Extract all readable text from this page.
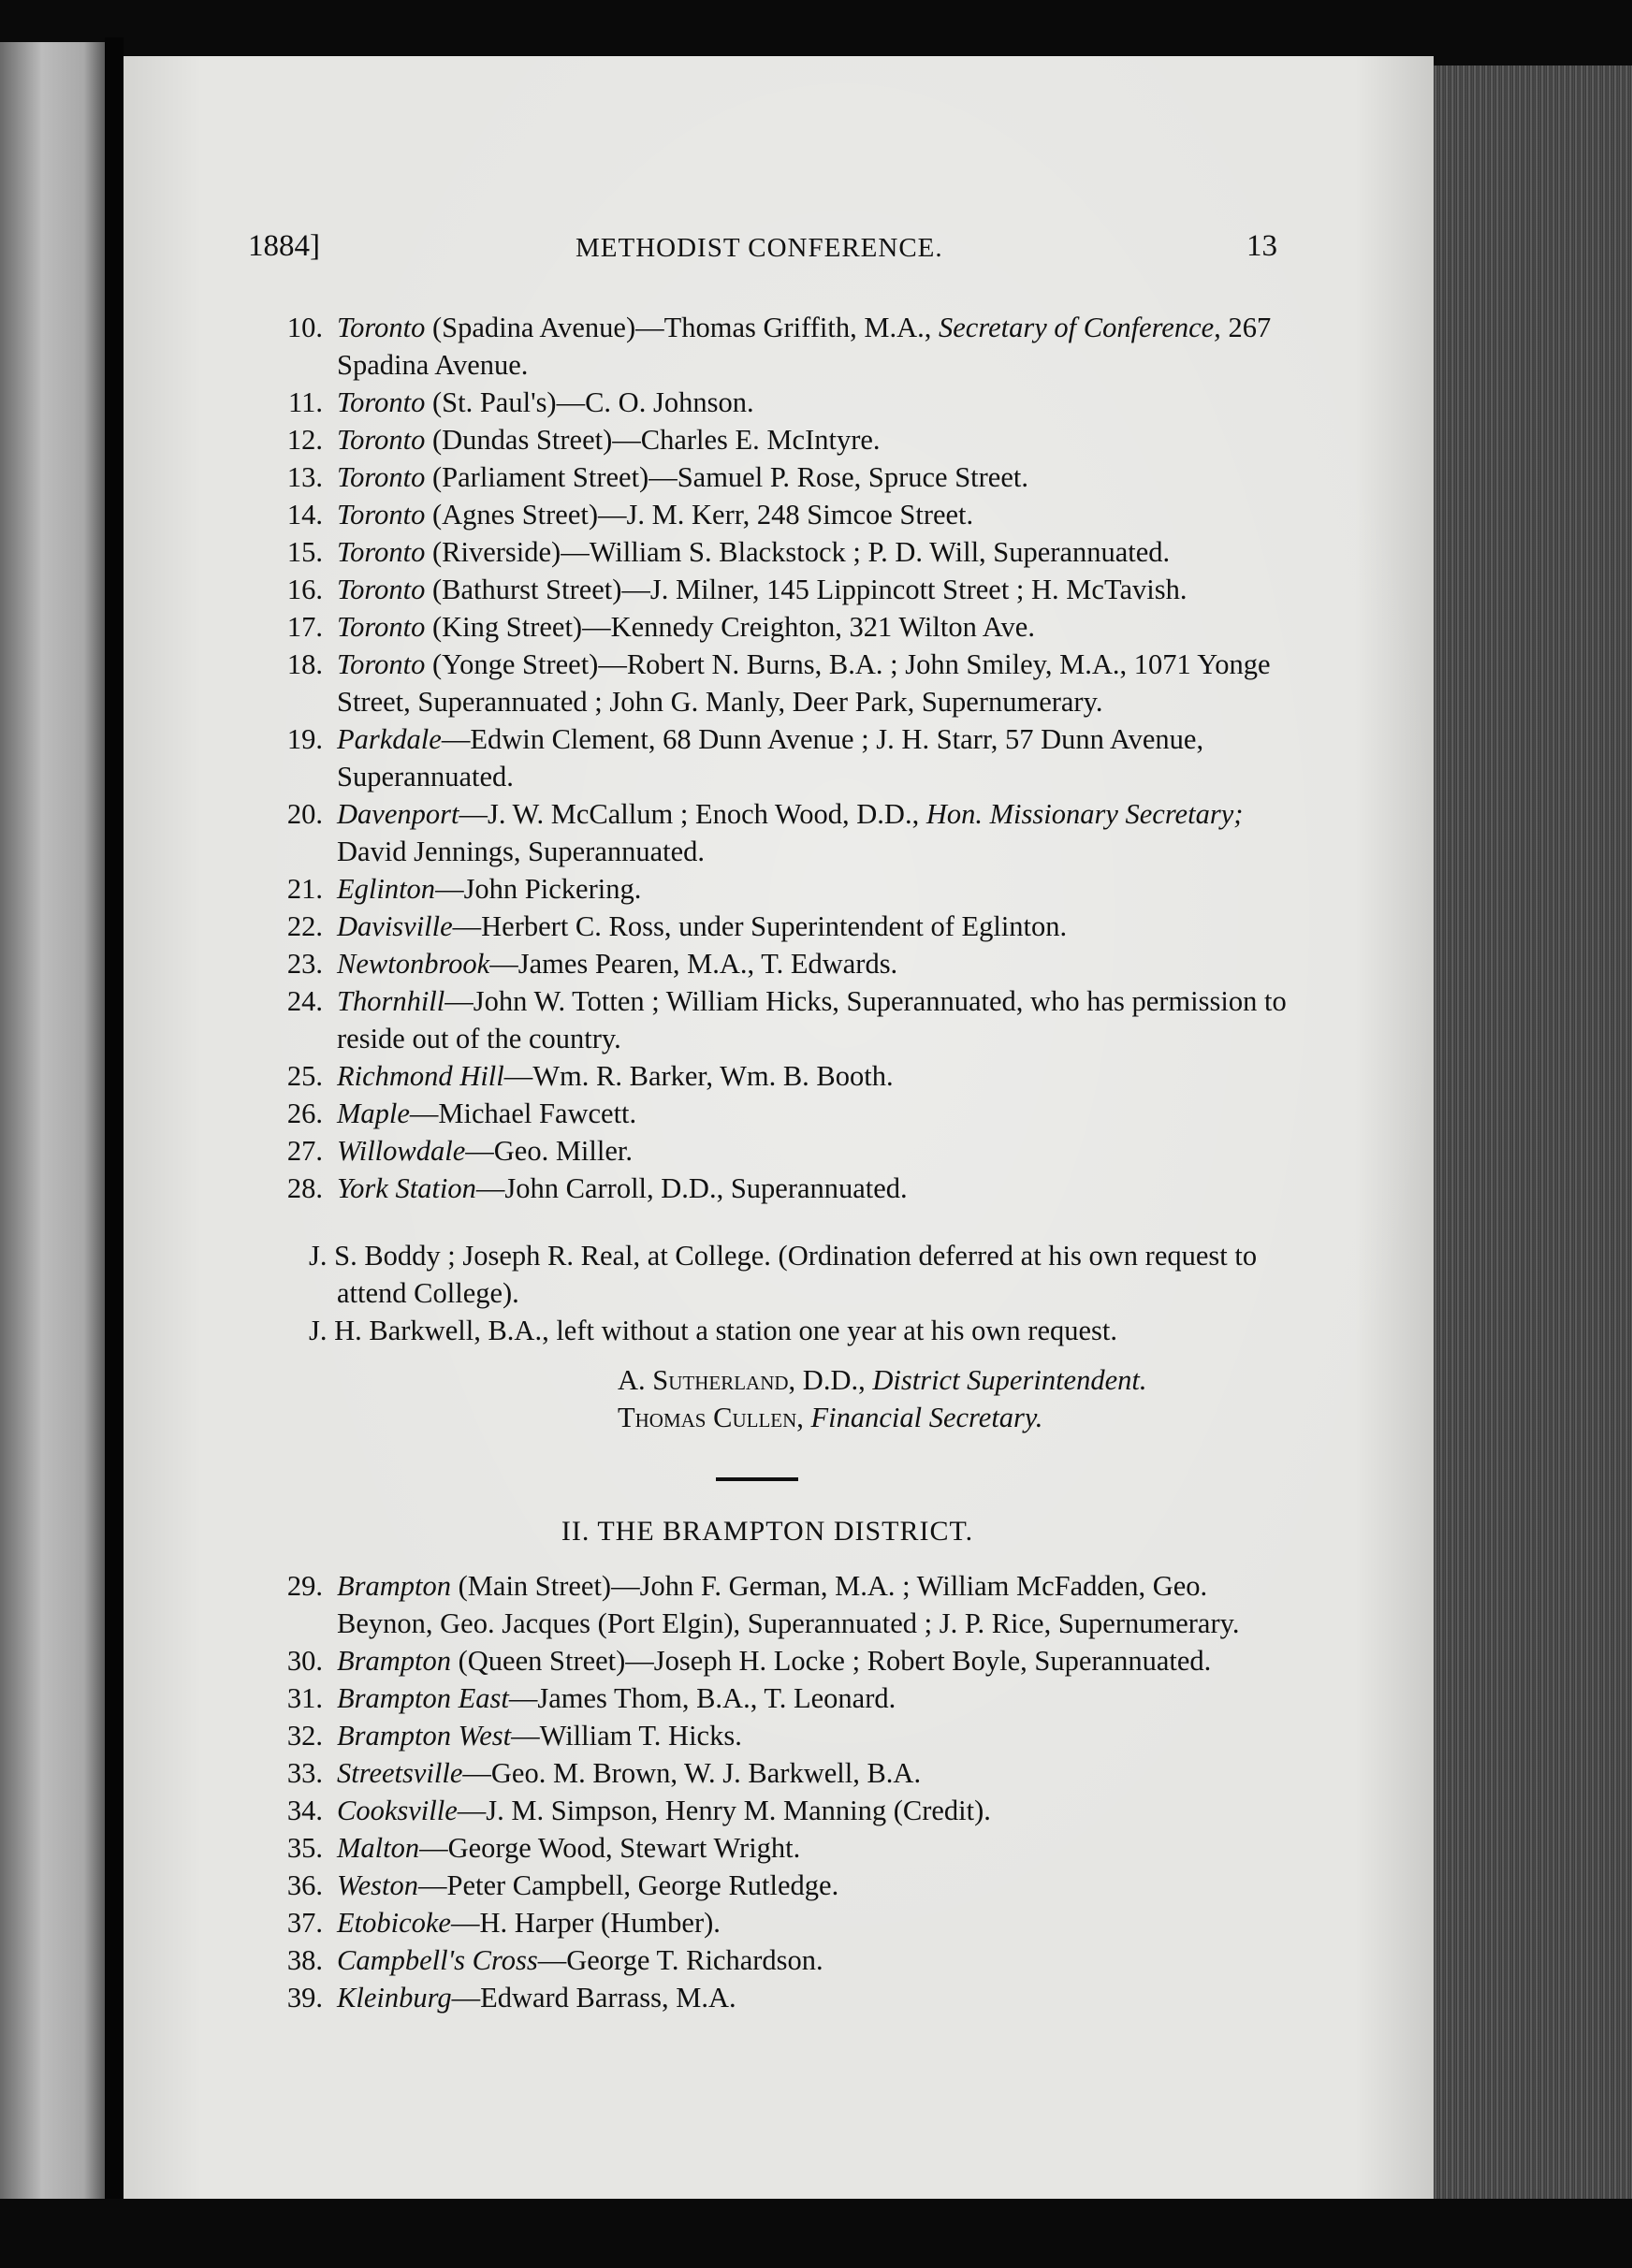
1884]	METHODIST CONFERENCE.	13
10. Toronto (Spadina Avenue)—Thomas Griffith, M.A., Secretary of Conference, 267 Spadina Avenue.
11. Toronto (St. Paul's)—C. O. Johnson.
12. Toronto (Dundas Street)—Charles E. McIntyre.
13. Toronto (Parliament Street)—Samuel P. Rose, Spruce Street.
14. Toronto (Agnes Street)—J. M. Kerr, 248 Simcoe Street.
15. Toronto (Riverside)—William S. Blackstock ; P. D. Will, Superannuated.
16. Toronto (Bathurst Street)—J. Milner, 145 Lippincott Street ; H. McTavish.
17. Toronto (King Street)—Kennedy Creighton, 321 Wilton Ave.
18. Toronto (Yonge Street)—Robert N. Burns, B.A. ; John Smiley, M.A., 1071 Yonge Street, Superannuated ; John G. Manly, Deer Park, Supernumerary.
19. Parkdale—Edwin Clement, 68 Dunn Avenue ; J. H. Starr, 57 Dunn Avenue, Superannuated.
20. Davenport—J. W. McCallum ; Enoch Wood, D.D., Hon. Missionary Secretary; David Jennings, Superannuated.
21. Eglinton—John Pickering.
22. Davisville—Herbert C. Ross, under Superintendent of Eglinton.
23. Newtonbrook—James Pearen, M.A., T. Edwards.
24. Thornhill—John W. Totten ; William Hicks, Superannuated, who has permission to reside out of the country.
25. Richmond Hill—Wm. R. Barker, Wm. B. Booth.
26. Maple—Michael Fawcett.
27. Willowdale—Geo. Miller.
28. York Station—John Carroll, D.D., Superannuated.
J. S. Boddy ; Joseph R. Real, at College. (Ordination deferred at his own request to attend College).
J. H. Barkwell, B.A., left without a station one year at his own request.
A. Sutherland, D.D., District Superintendent.
Thomas Cullen, Financial Secretary.
II. THE BRAMPTON DISTRICT.
29. Brampton (Main Street)—John F. German, M.A. ; William McFadden, Geo. Beynon, Geo. Jacques (Port Elgin), Superannuated ; J. P. Rice, Supernumerary.
30. Brampton (Queen Street)—Joseph H. Locke ; Robert Boyle, Superannuated.
31. Brampton East—James Thom, B.A., T. Leonard.
32. Brampton West—William T. Hicks.
33. Streetsville—Geo. M. Brown, W. J. Barkwell, B.A.
34. Cooksville—J. M. Simpson, Henry M. Manning (Credit).
35. Malton—George Wood, Stewart Wright.
36. Weston—Peter Campbell, George Rutledge.
37. Etobicoke—H. Harper (Humber).
38. Campbell's Cross—George T. Richardson.
39. Kleinburg—Edward Barrass, M.A.
